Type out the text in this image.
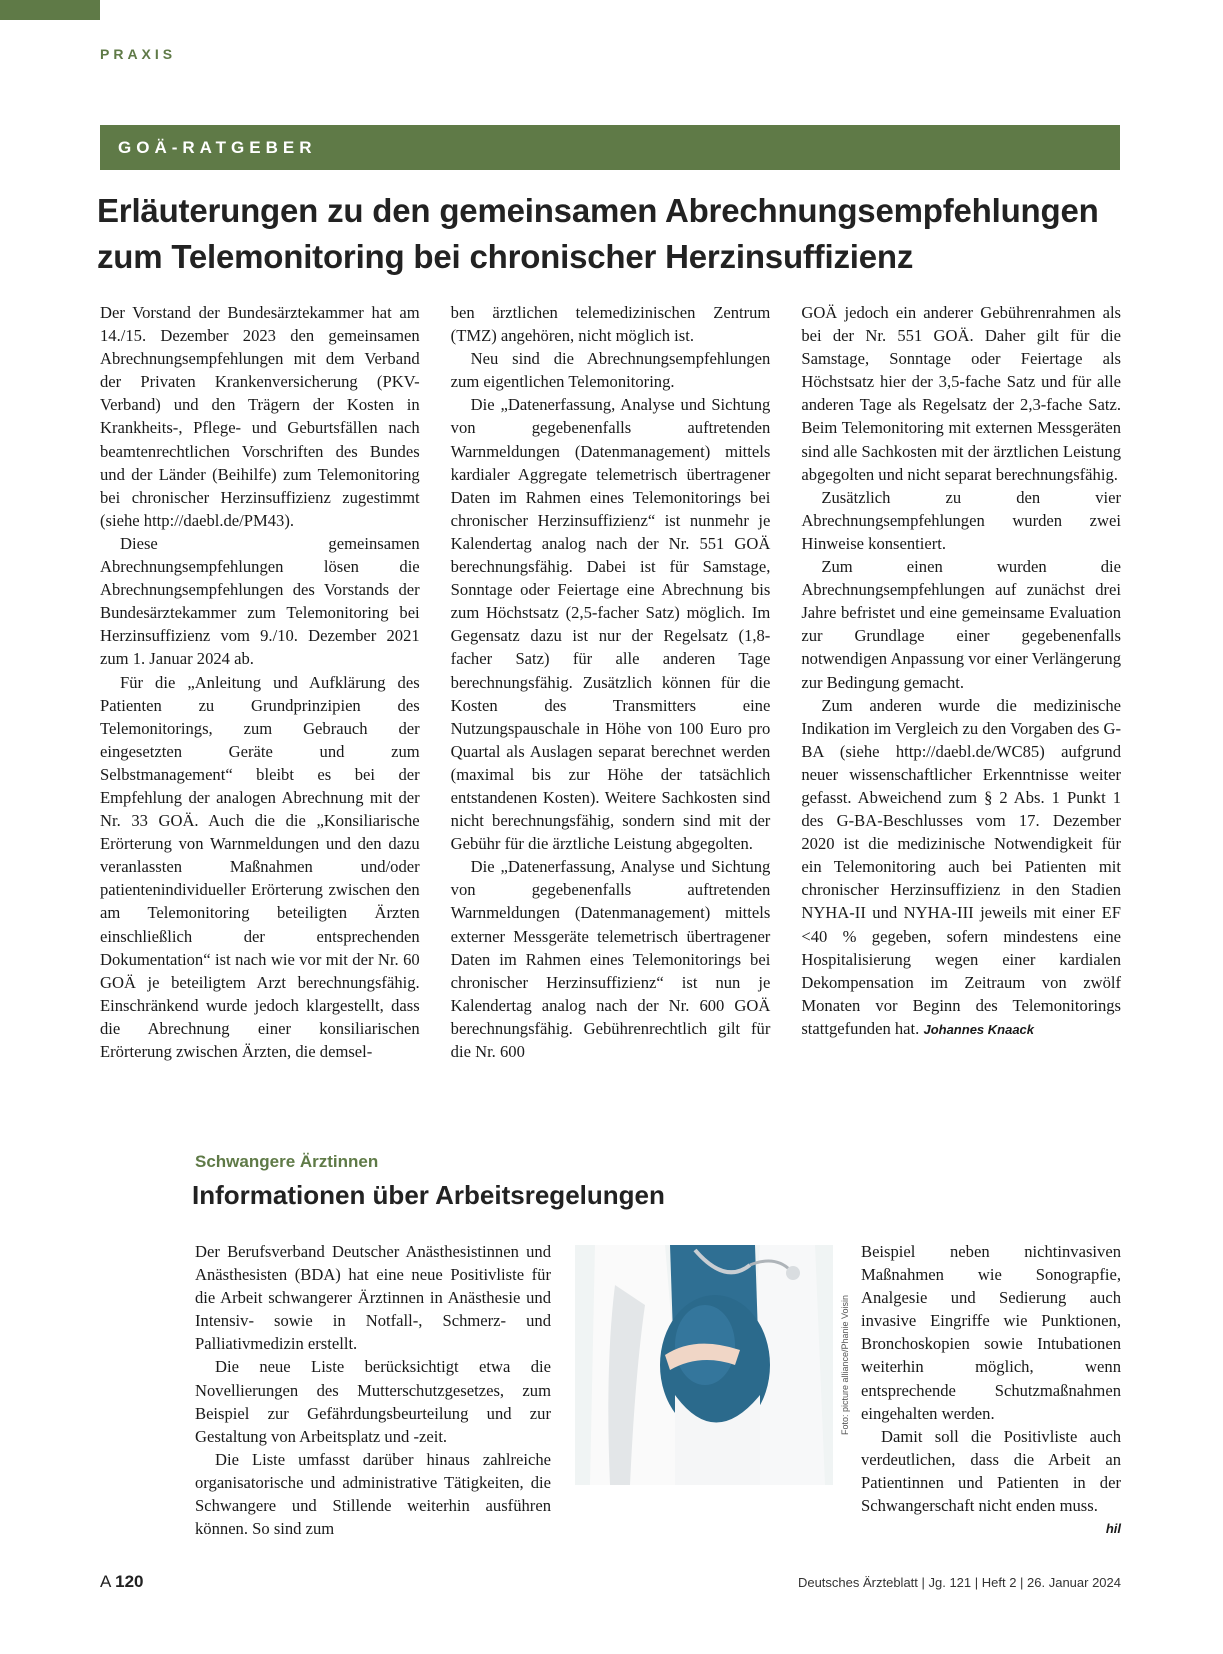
PRAXIS
GOÄ-RATGEBER
Erläuterungen zu den gemeinsamen Abrechnungsempfehlungen
zum Telemonitoring bei chronischer Herzinsuffizienz

Der Vorstand der Bundesärztekammer hat am 14./15. Dezember 2023 den gemeinsamen Abrechnungsempfehlungen mit dem Verband der Privaten Krankenversicherung (PKV-Verband) und den Trägern der Kosten in Krankheits-, Pflege- und Geburtsfällen nach beamtenrechtlichen Vorschriften des Bundes und der Länder (Beihilfe) zum Telemonitoring bei chronischer Herzinsuffizienz zugestimmt (siehe http://daebl.de/PM43).

Diese gemeinsamen Abrechnungsempfehlungen lösen die Abrechnungsempfehlungen des Vorstands der Bundesärztekammer zum Telemonitoring bei Herzinsuffizienz vom 9./10. Dezember 2021 zum 1. Januar 2024 ab.

Für die „Anleitung und Aufklärung des Patienten zu Grundprinzipien des Telemonitorings, zum Gebrauch der eingesetzten Geräte und zum Selbstmanagement“ bleibt es bei der Empfehlung der analogen Abrechnung mit der Nr. 33 GOÄ. Auch die die „Konsiliarische Erörterung von Warnmeldungen und den dazu veranlassten Maßnahmen und/oder patientenindividueller Erörterung zwischen den am Telemonitoring beteiligten Ärzten einschließlich der entsprechenden Dokumentation“ ist nach wie vor mit der Nr. 60 GOÄ je beteiligtem Arzt berechnungsfähig. Einschränkend wurde jedoch klargestellt, dass die Abrechnung einer konsiliarischen Erörterung zwischen Ärzten, die demsel-

ben ärztlichen telemedizinischen Zentrum (TMZ) angehören, nicht möglich ist.

Neu sind die Abrechnungsempfehlungen zum eigentlichen Telemonitoring.

Die „Datenerfassung, Analyse und Sichtung von gegebenenfalls auftretenden Warnmeldungen (Datenmanagement) mittels kardialer Aggregate telemetrisch übertragener Daten im Rahmen eines Telemonitorings bei chronischer Herzinsuffizienz“ ist nunmehr je Kalendertag analog nach der Nr. 551 GOÄ berechnungsfähig. Dabei ist für Samstage, Sonntage oder Feiertage eine Abrechnung bis zum Höchstsatz (2,5-facher Satz) möglich. Im Gegensatz dazu ist nur der Regelsatz (1,8-facher Satz) für alle anderen Tage berechnungsfähig. Zusätzlich können für die Kosten des Transmitters eine Nutzungspauschale in Höhe von 100 Euro pro Quartal als Auslagen separat berechnet werden (maximal bis zur Höhe der tatsächlich entstandenen Kosten). Weitere Sachkosten sind nicht berechnungsfähig, sondern sind mit der Gebühr für die ärztliche Leistung abgegolten.

Die „Datenerfassung, Analyse und Sichtung von gegebenenfalls auftretenden Warnmeldungen (Datenmanagement) mittels externer Messgeräte telemetrisch übertragener Daten im Rahmen eines Telemonitorings bei chronischer Herzinsuffizienz“ ist nun je Kalendertag analog nach der Nr. 600 GOÄ berechnungsfähig. Gebührenrechtlich gilt für die Nr. 600

GOÄ jedoch ein anderer Gebührenrahmen als bei der Nr. 551 GOÄ. Daher gilt für die Samstage, Sonntage oder Feiertage als Höchstsatz hier der 3,5-fache Satz und für alle anderen Tage als Regelsatz der 2,3-fache Satz. Beim Telemonitoring mit externen Messgeräten sind alle Sachkosten mit der ärztlichen Leistung abgegolten und nicht separat berechnungsfähig.

Zusätzlich zu den vier Abrechnungsempfehlungen wurden zwei Hinweise konsentiert.

Zum einen wurden die Abrechnungsempfehlungen auf zunächst drei Jahre befristet und eine gemeinsame Evaluation zur Grundlage einer gegebenenfalls notwendigen Anpassung vor einer Verlängerung zur Bedingung gemacht.

Zum anderen wurde die medizinische Indikation im Vergleich zu den Vorgaben des G-BA (siehe http://daebl.de/WC85) aufgrund neuer wissenschaftlicher Erkenntnisse weiter gefasst. Abweichend zum § 2 Abs. 1 Punkt 1 des G-BA-Beschlusses vom 17. Dezember 2020 ist die medizinische Notwendigkeit für ein Telemonitoring auch bei Patienten mit chronischer Herzinsuffizienz in den Stadien NYHA-II und NYHA-III jeweils mit einer EF <40 % gegeben, sofern mindestens eine Hospitalisierung wegen einer kardialen Dekompensation im Zeitraum von zwölf Monaten vor Beginn des Telemonitorings stattgefunden hat. Johannes Knaack

Schwangere Ärztinnen
Informationen über Arbeitsregelungen

Der Berufsverband Deutscher Anästhesistinnen und Anästhesisten (BDA) hat eine neue Positivliste für die Arbeit schwangerer Ärztinnen in Anästhesie und Intensiv- sowie in Notfall-, Schmerz- und Palliativmedizin erstellt.

Die neue Liste berücksichtigt etwa die Novellierungen des Mutterschutzgesetzes, zum Beispiel zur Gefährdungsbeurteilung und zur Gestaltung von Arbeitsplatz und -zeit.

Die Liste umfasst darüber hinaus zahlreiche organisatorische und administrative Tätigkeiten, die Schwangere und Stillende weiterhin ausführen können. So sind zum

Foto: picture alliance/Phanie Voisin

Beispiel neben nichtinvasiven Maßnahmen wie Sonograpfie, Analgesie und Sedierung auch invasive Eingriffe wie Punktionen, Bronchoskopien sowie Intubationen weiterhin möglich, wenn entsprechende Schutzmaßnahmen eingehalten werden.

Damit soll die Positivliste auch verdeutlichen, dass die Arbeit an Patientinnen und Patienten in der Schwangerschaft nicht enden muss.
hil

A 120	Deutsches Ärzteblatt | Jg. 121 | Heft 2 | 26. Januar 2024
